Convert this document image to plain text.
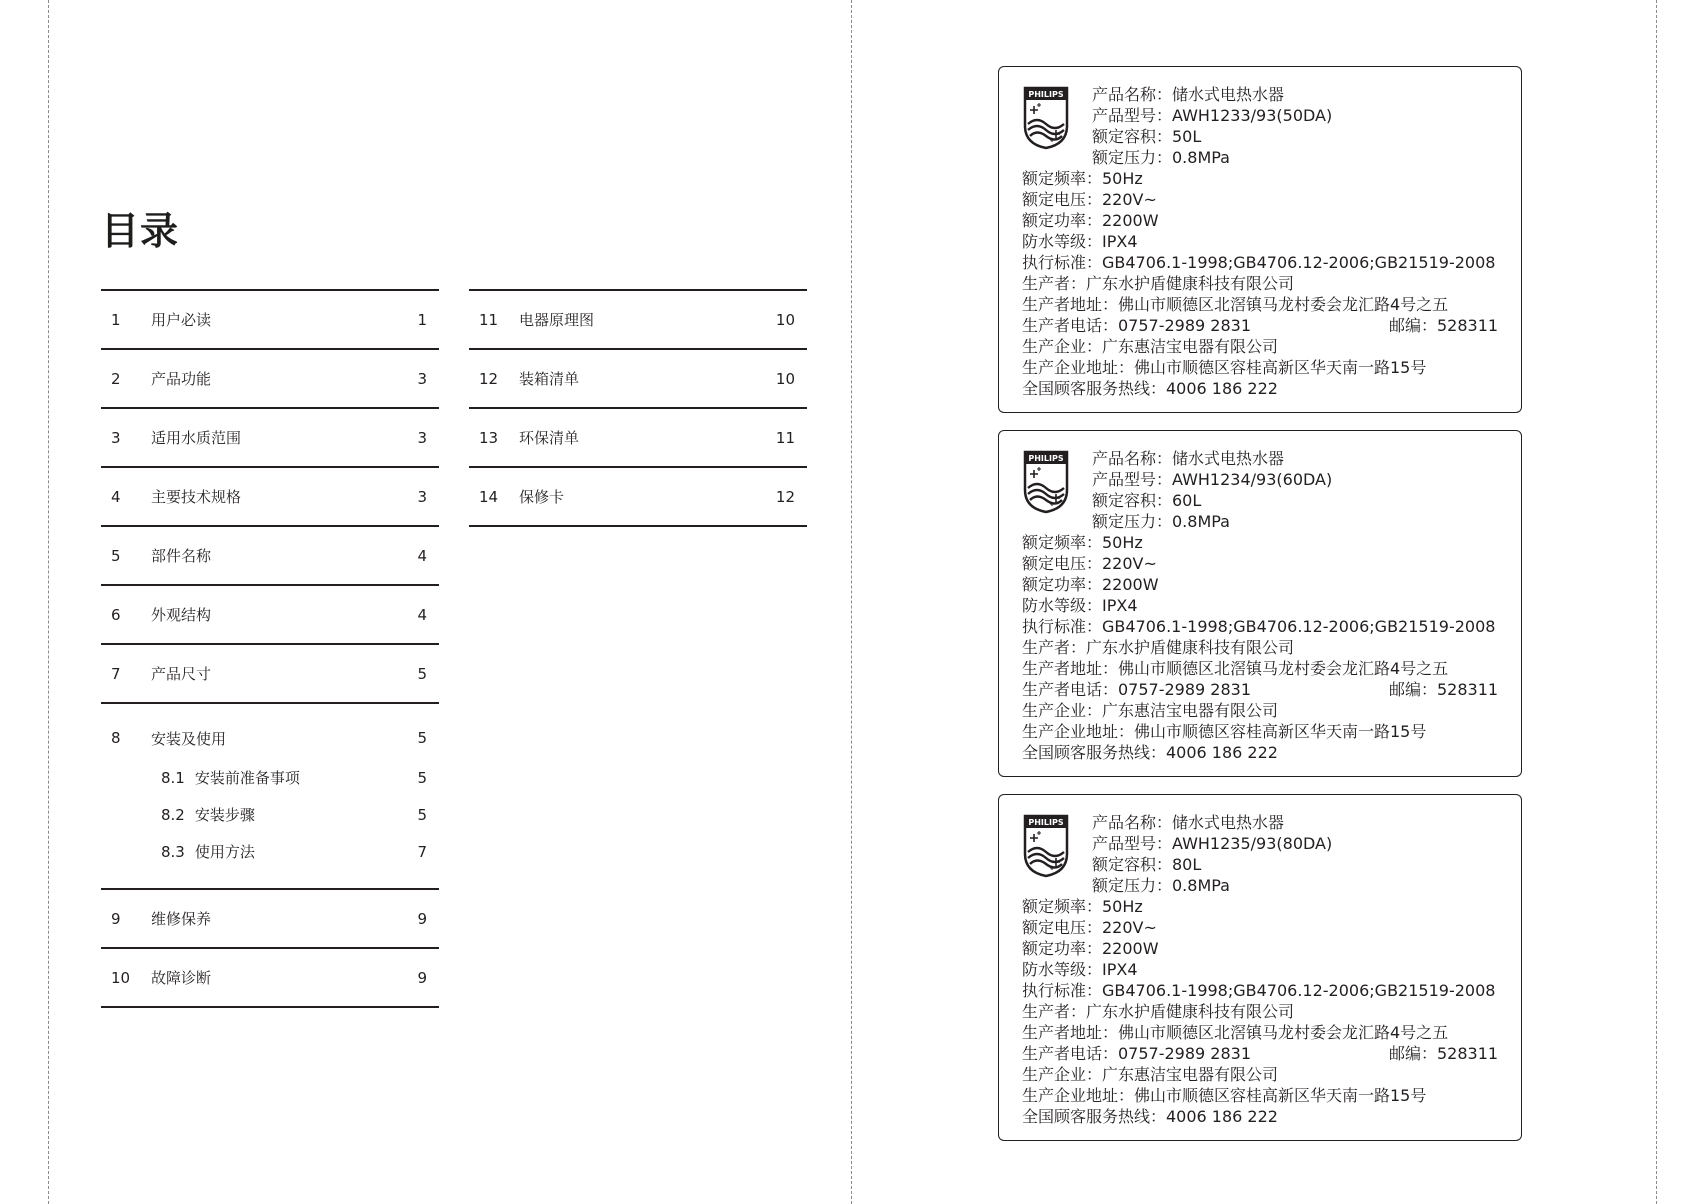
目录
1	用户必读	1
2	产品功能	3
3	适用水质范围	3
4	主要技术规格	3
5	部件名称	4
6	外观结构	4
7	产品尺寸	5
8	安装及使用	5
8.1 安装前准备事项	5
8.2 安装步骤	5
8.3 使用方法	7
9	维修保养	9
10	故障诊断	9
11	电器原理图	10
12	装箱清单	10
13	环保清单	11
14	保修卡	12
PHILIPS 产品名称：储水式电热水器
产品型号：AWH1233/93(50DA)
额定容积：50L
额定压力：0.8MPa
额定频率：50Hz
额定电压：220V~
额定功率：2200W
防水等级：IPX4
执行标准：GB4706.1-1998;GB4706.12-2006;GB21519-2008
生产者：广东水护盾健康科技有限公司
生产者地址：佛山市顺德区北滘镇马龙村委会龙汇路4号之五
生产者电话：0757-2989 2831	邮编：528311
生产企业：广东惠洁宝电器有限公司
生产企业地址：佛山市顺德区容桂高新区华天南一路15号
全国顾客服务热线：4006 186 222
PHILIPS 产品名称：储水式电热水器
产品型号：AWH1234/93(60DA)
额定容积：60L
额定压力：0.8MPa
额定频率：50Hz
额定电压：220V~
额定功率：2200W
防水等级：IPX4
执行标准：GB4706.1-1998;GB4706.12-2006;GB21519-2008
生产者：广东水护盾健康科技有限公司
生产者地址：佛山市顺德区北滘镇马龙村委会龙汇路4号之五
生产者电话：0757-2989 2831	邮编：528311
生产企业：广东惠洁宝电器有限公司
生产企业地址：佛山市顺德区容桂高新区华天南一路15号
全国顾客服务热线：4006 186 222
PHILIPS 产品名称：储水式电热水器
产品型号：AWH1235/93(80DA)
额定容积：80L
额定压力：0.8MPa
额定频率：50Hz
额定电压：220V~
额定功率：2200W
防水等级：IPX4
执行标准：GB4706.1-1998;GB4706.12-2006;GB21519-2008
生产者：广东水护盾健康科技有限公司
生产者地址：佛山市顺德区北滘镇马龙村委会龙汇路4号之五
生产者电话：0757-2989 2831	邮编：528311
生产企业：广东惠洁宝电器有限公司
生产企业地址：佛山市顺德区容桂高新区华天南一路15号
全国顾客服务热线：4006 186 222
